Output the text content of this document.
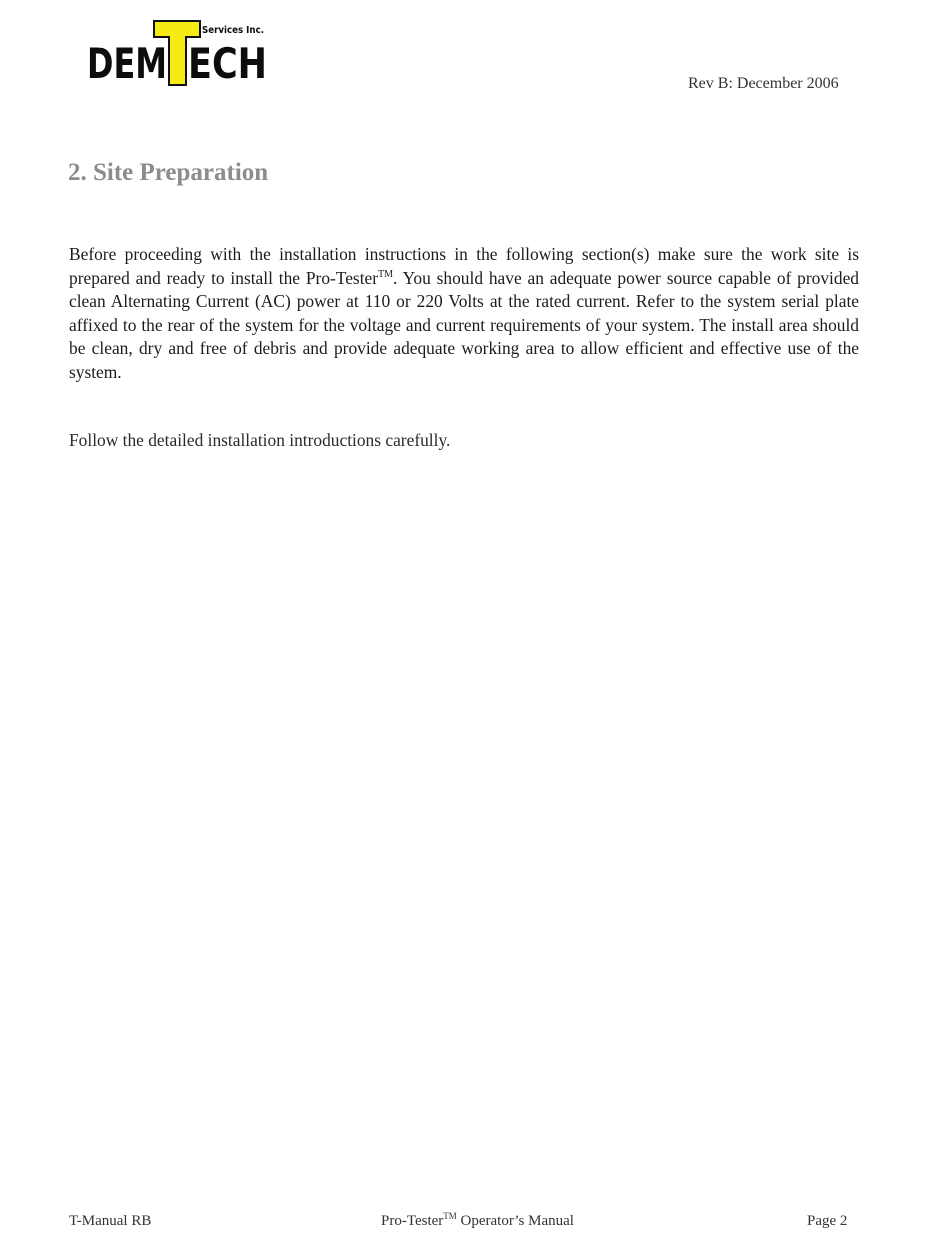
DEM ECH
Services Inc.
Rev B: December 2006
2. Site Preparation

Before proceeding with the installation instructions in the following section(s) make sure the work site is prepared and ready to install the Pro-Tester™. You should have an adequate power source capable of provided clean Alternating Current (AC) power at 110 or 220 Volts at the rated current. Refer to the system serial plate affixed to the rear of the system for the voltage and current requirements of your system. The install area should be clean, dry and free of debris and provide adequate working area to allow efficient and effective use of the system.

Follow the detailed installation introductions carefully.

T-Manual RB	Pro-Tester™ Operator’s Manual	Page 2
